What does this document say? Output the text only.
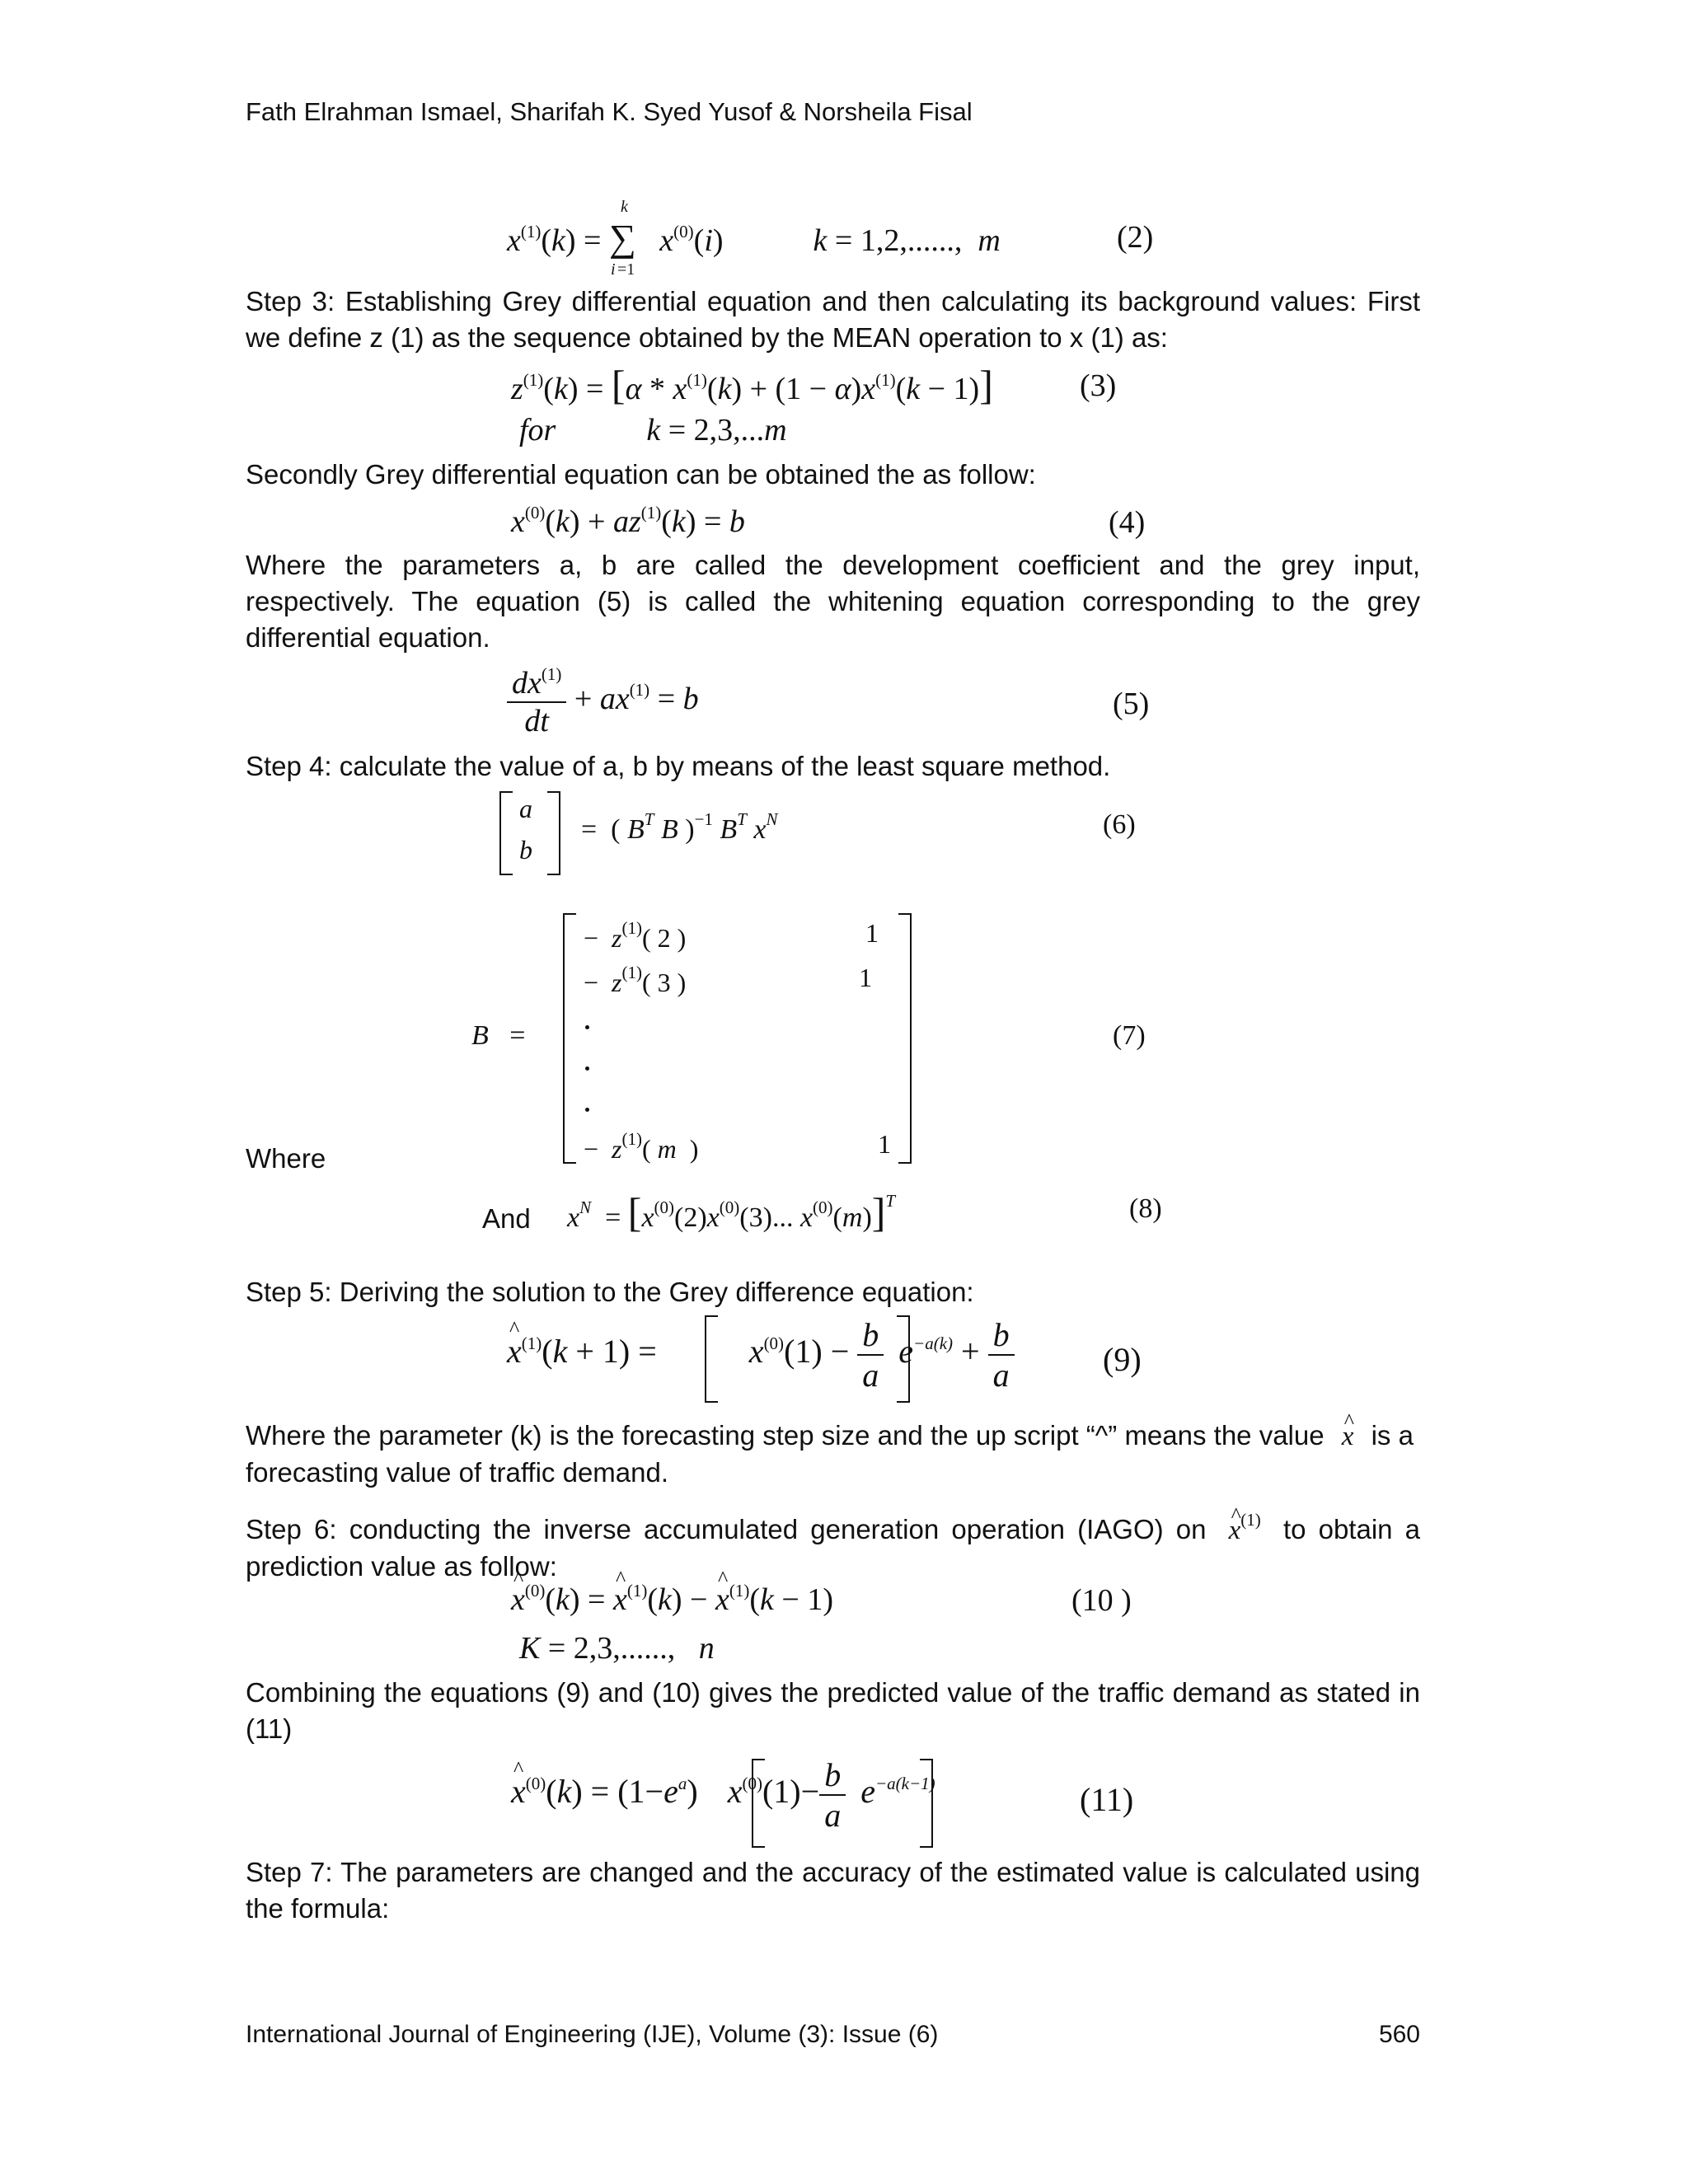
Fath Elrahman Ismael, Sharifah K. Syed Yusof & Norsheila Fisal
$x^{(1)}(k)$ = ∑
k
i =1
$x^{(0)}(i)$	k = 1,2,......,  m	(2)
Step 3: Establishing Grey differential equation and then calculating its background values: First we define z (1) as the sequence obtained by the MEAN operation to x (1) as:
$z^{(1)}(k) = [\alpha * x^{(1)}(k) + (1 - \alpha)x^{(1)}(k - 1)]$	(3)
for	k = 2,3,...m
Secondly Grey differential equation can be obtained the as follow:
$x^{(0)}(k) + az^{(1)}(k) = b$	(4)
Where the parameters a, b are called the development coefficient and the grey input, respectively. The equation (5) is called the whitening equation corresponding to the grey differential equation.
$\frac{dx^{(1)}}{dt} + ax^{(1)} = b$	(5)
Step 4: calculate the value of a, b by means of the least square method.
a
b
=  ( $B^T$ B )$^{-1}$ $B^T$ $x^N$	(6)
B   =
−  $z^{(1)}$( 2 )	1
−  $z^{(1)}$( 3 )	1
−  $z^{(1)}$( m  )	1
(7)
Where
And $x^N = [x^{(0)}(2)x^{(0)}(3)$... $x^{(0)}(m)]^T$	(8)
Step 5: Deriving the solution to the Grey difference equation:
^ $x^{(1)}(k + 1)$ =	$x^{(0)}(1) - \frac{b}{a} e^{-a(k)} + \frac{b}{a}$	(9)
Where the parameter (k) is the forecasting step size and the up script “^” means the value ^ x is a forecasting value of traffic demand.
Step 6: conducting the inverse accumulated generation operation (IAGO) on ^ $x^{(1)}$ to obtain a prediction value as follow:
^ $x^{(0)}(k)$ = ^ $x^{(1)}(k)$ − ^ $x^{(1)}(k - 1)$	(10 )
K = 2,3,......,   n
Combining the equations (9) and (10) gives the predicted value of the traffic demand as stated in (11)
^ $x^{(0)}(k) = (1-e^a)$ $x^{(0)}(1)- \frac{b}{a} e^{-a(k-1)}$	(11)
Step 7: The parameters are changed and the accuracy of the estimated value is calculated using the formula:
International Journal of Engineering (IJE), Volume (3): Issue (6)	560
